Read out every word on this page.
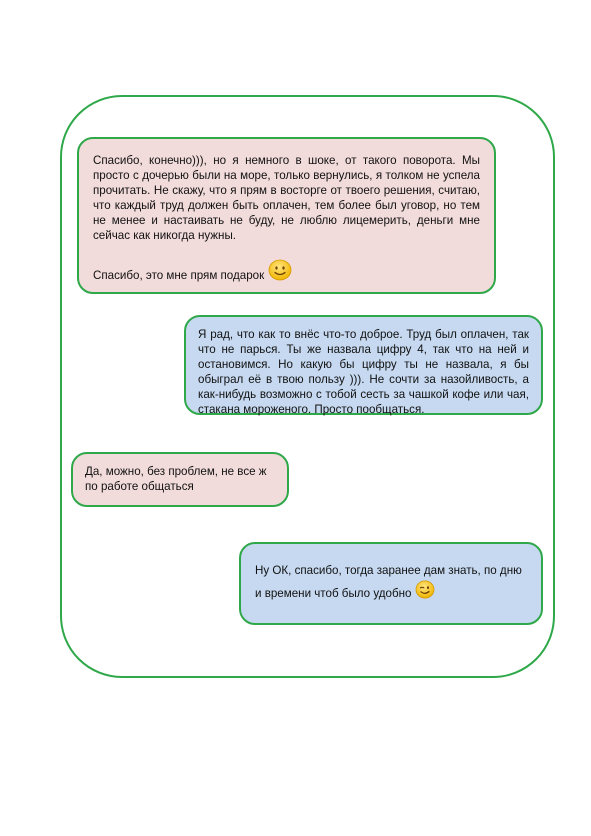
Спасибо, конечно))), но я немного в шоке, от такого поворота. Мы просто с дочерью были на море, только вернулись, я толком не успела прочитать. Не скажу, что я прям в восторге от твоего решения, считаю, что каждый труд должен быть оплачен, тем более был уговор, но тем не менее и настаивать не буду, не люблю лицемерить, деньги мне сейчас как никогда нужны.

Спасибо, это мне прям подарок

Я рад, что как то внёс что-то доброе. Труд был оплачен, так что не парься. Ты же назвала цифру 4, так что на ней и остановимся. Но какую бы цифру ты не назвала, я бы обыграл её в твою пользу ))). Не сочти за назойливость, а как-нибудь возможно с тобой сесть за чашкой кофе или чая, стакана мороженого. Просто пообщаться.

Да, можно, без проблем, не все ж по работе общаться

Ну ОК, спасибо, тогда заранее дам знать, по дню и времени чтоб было удобно
